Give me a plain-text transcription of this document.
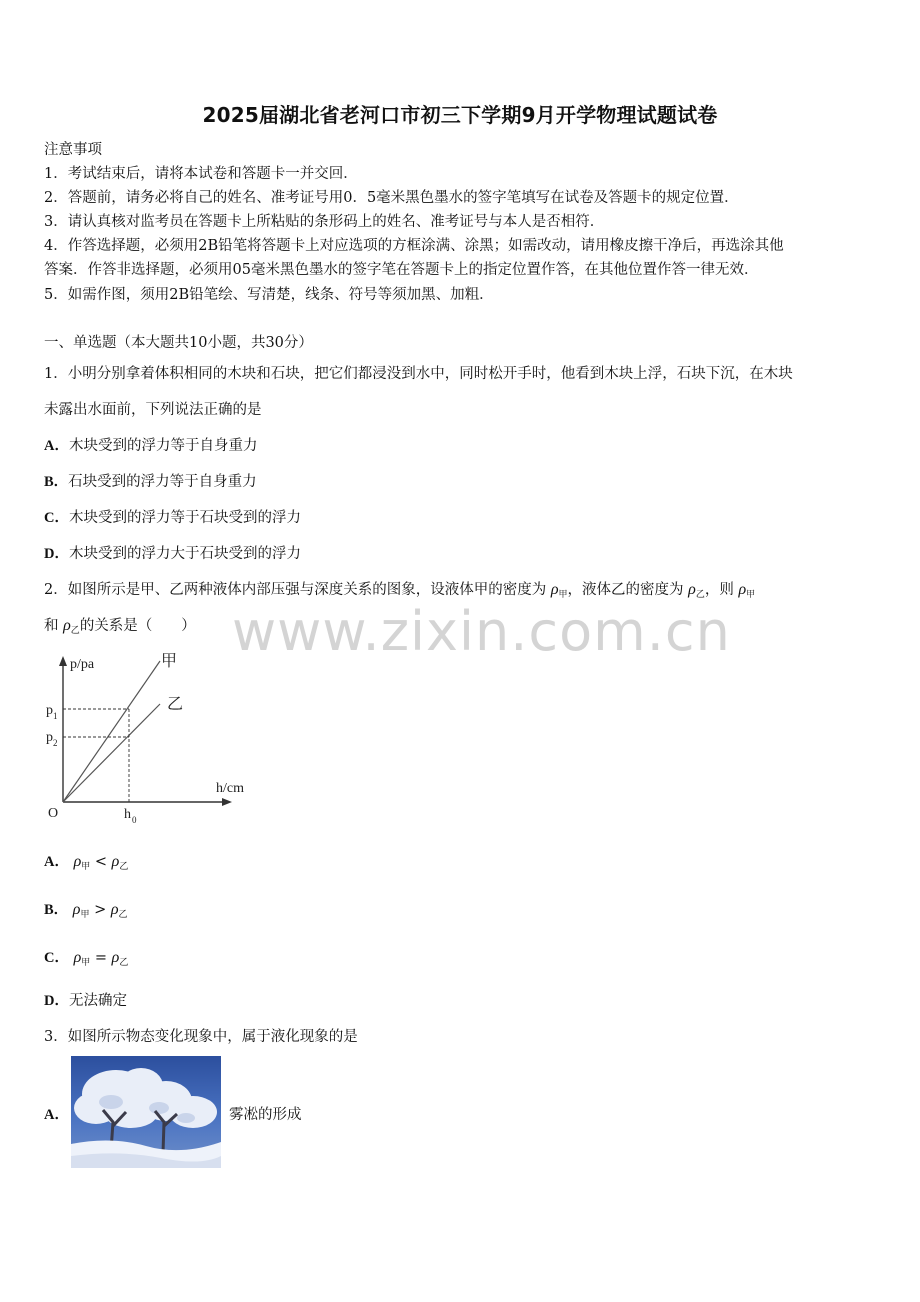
2025届湖北省老河口市初三下学期9月开学物理试题试卷
注意事项
1．考试结束后，请将本试卷和答题卡一并交回．
2．答题前，请务必将自己的姓名、准考证号用0．5毫米黑色墨水的签字笔填写在试卷及答题卡的规定位置．
3．请认真核对监考员在答题卡上所粘贴的条形码上的姓名、准考证号与本人是否相符．
4．作答选择题，必须用2B铅笔将答题卡上对应选项的方框涂满、涂黑；如需改动，请用橡皮擦干净后，再选涂其他
答案．作答非选择题，必须用05毫米黑色墨水的签字笔在答题卡上的指定位置作答，在其他位置作答一律无效．
5．如需作图，须用2B铅笔绘、写清楚，线条、符号等须加黑、加粗．
一、单选题（本大题共10小题，共30分）
1．小明分别拿着体积相同的木块和石块，把它们都浸没到水中，同时松开手时，他看到木块上浮，石块下沉，在木块
未露出水面前，下列说法正确的是
A．木块受到的浮力等于自身重力
B．石块受到的浮力等于自身重力
C．木块受到的浮力等于石块受到的浮力
D．木块受到的浮力大于石块受到的浮力
2．如图所示是甲、乙两种液体内部压强与深度关系的图象，设液体甲的密度为 $\rho_甲$，液体乙的密度为 $\rho_乙$，则 $\rho_甲$
和 $\rho_乙$的关系是（　　） www.zixin.com.cn
p/pa
h/cm
O
p 1
p 2
h 0
甲
乙
A． $\rho_甲 < \rho_乙$
B． $\rho_甲 > \rho_乙$
C． $\rho_甲 = \rho_乙$
D．无法确定
3．如图所示物态变化现象中，属于液化现象的是
A．	雾凇的形成
